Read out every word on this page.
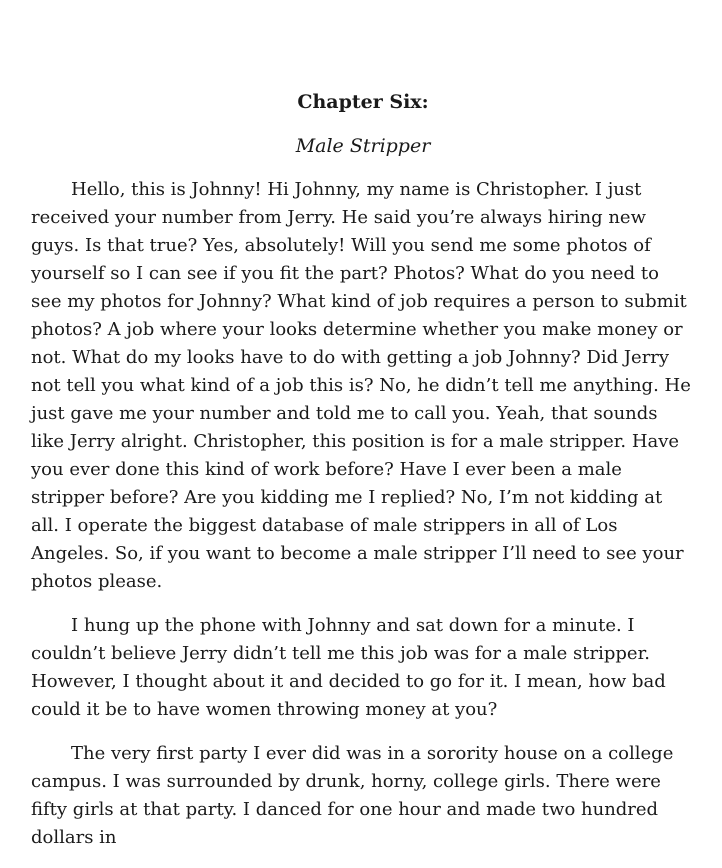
Chapter Six:
Male Stripper

Hello, this is Johnny! Hi Johnny, my name is Christopher. I just received your number from Jerry. He said you’re always hiring new guys. Is that true? Yes, absolutely! Will you send me some photos of yourself so I can see if you fit the part? Photos? What do you need to see my photos for Johnny? What kind of job requires a person to submit photos? A job where your looks determine whether you make money or not. What do my looks have to do with getting a job Johnny? Did Jerry not tell you what kind of a job this is? No, he didn’t tell me anything. He just gave me your number and told me to call you. Yeah, that sounds like Jerry alright. Christopher, this position is for a male stripper. Have you ever done this kind of work before? Have I ever been a male stripper before? Are you kidding me I replied? No, I’m not kidding at all. I operate the biggest database of male strippers in all of Los Angeles. So, if you want to become a male stripper I’ll need to see your photos please.

I hung up the phone with Johnny and sat down for a minute. I couldn’t believe Jerry didn’t tell me this job was for a male stripper. However, I thought about it and decided to go for it. I mean, how bad could it be to have women throwing money at you?

The very first party I ever did was in a sorority house on a college campus. I was surrounded by drunk, horny, college girls. There were fifty girls at that party. I danced for one hour and made two hundred dollars in
